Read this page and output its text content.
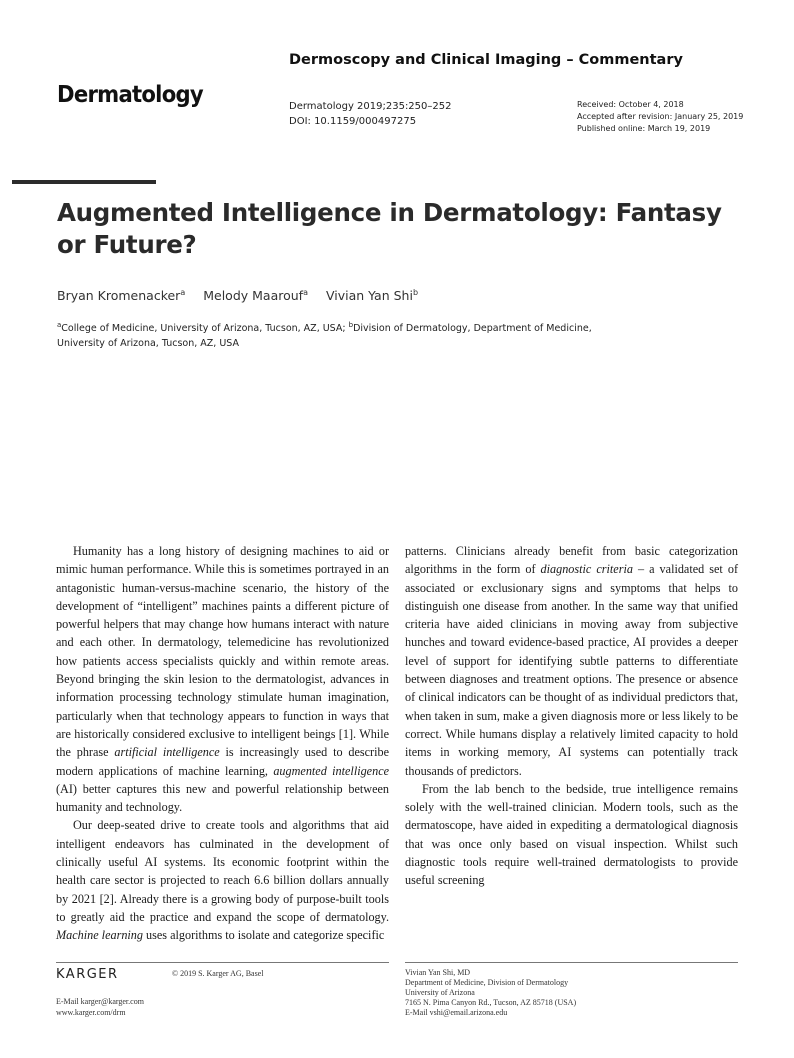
Dermatology
Dermoscopy and Clinical Imaging – Commentary
Dermatology 2019;235:250–252
DOI: 10.1159/000497275
Received: October 4, 2018
Accepted after revision: January 25, 2019
Published online: March 19, 2019
Augmented Intelligence in Dermatology: Fantasy or Future?
Bryan Kromenacker$^a$ Melody Maarouf$^a$ Vivian Yan Shi$^b$
$^a$College of Medicine, University of Arizona, Tucson, AZ, USA; $^b$Division of Dermatology, Department of Medicine, University of Arizona, Tucson, AZ, USA

Humanity has a long history of designing machines to aid or mimic human performance. While this is sometimes portrayed in an antagonistic human-versus-machine scenario, the history of the development of “intelligent” machines paints a different picture of powerful helpers that may change how humans interact with nature and each other. In dermatology, telemedicine has revolutionized how patients access specialists quickly and within remote areas. Beyond bringing the skin lesion to the dermatologist, advances in information processing technology stimulate human imagination, particularly when that technology appears to function in ways that are historically considered exclusive to intelligent beings [1]. While the phrase artificial intelligence is increasingly used to describe modern applications of machine learning, augmented intelligence (AI) better captures this new and powerful relationship between humanity and technology.

Our deep-seated drive to create tools and algorithms that aid intelligent endeavors has culminated in the development of clinically useful AI systems. Its economic footprint within the health care sector is projected to reach 6.6 billion dollars annually by 2021 [2]. Already there is a growing body of purpose-built tools to greatly aid the practice and expand the scope of dermatology. Machine learning uses algorithms to isolate and categorize specific

patterns. Clinicians already benefit from basic categorization algorithms in the form of diagnostic criteria – a validated set of associated or exclusionary signs and symptoms that helps to distinguish one disease from another. In the same way that unified criteria have aided clinicians in moving away from subjective hunches and toward evidence-based practice, AI provides a deeper level of support for identifying subtle patterns to differentiate between diagnoses and treatment options. The presence or absence of clinical indicators can be thought of as individual predictors that, when taken in sum, make a given diagnosis more or less likely to be correct. While humans display a relatively limited capacity to hold items in working memory, AI systems can potentially track thousands of predictors.

From the lab bench to the bedside, true intelligence remains solely with the well-trained clinician. Modern tools, such as the dermatoscope, have aided in expediting a dermatological diagnosis that was once only based on visual inspection. Whilst such diagnostic tools require well-trained dermatologists to provide useful screening

KARGER	© 2019 S. Karger AG, Basel
E-Mail karger@karger.com
www.karger.com/drm
Vivian Yan Shi, MD
Department of Medicine, Division of Dermatology
University of Arizona
7165 N. Pima Canyon Rd., Tucson, AZ 85718 (USA)
E-Mail vshi@email.arizona.edu
